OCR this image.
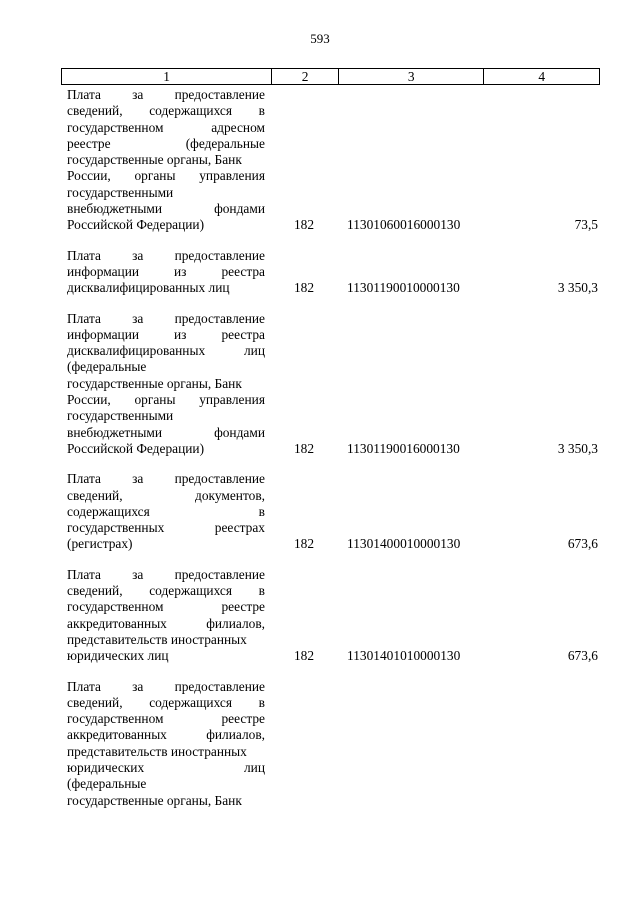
593
1	2	3	4
Плата за предоставление
сведений, содержащихся в
государственном	адресном
реестре	(федеральные
государственные органы, Банк
России, органы управления
государственными
внебюджетными	фондами
Российской Федерации)	182	11301060016000130	73,5
Плата за предоставление
информации	из	реестра
дисквалифицированных лиц	182	11301190010000130	3 350,3
Плата за предоставление
информации	из	реестра
дисквалифицированных	лиц
(федеральные
государственные органы, Банк
России, органы управления
государственными
внебюджетными	фондами
Российской Федерации)	182	11301190016000130	3 350,3
Плата за предоставление
сведений,	документов,
содержащихся	в
государственных	реестрах
(регистрах)	182	11301400010000130	673,6
Плата за предоставление
сведений, содержащихся в
государственном	реестре
аккредитованных	филиалов,
представительств иностранных
юридических лиц	182	11301401010000130	673,6
Плата за предоставление
сведений, содержащихся в
государственном	реестре
аккредитованных	филиалов,
представительств иностранных
юридических	лиц
(федеральные
государственные органы, Банк
